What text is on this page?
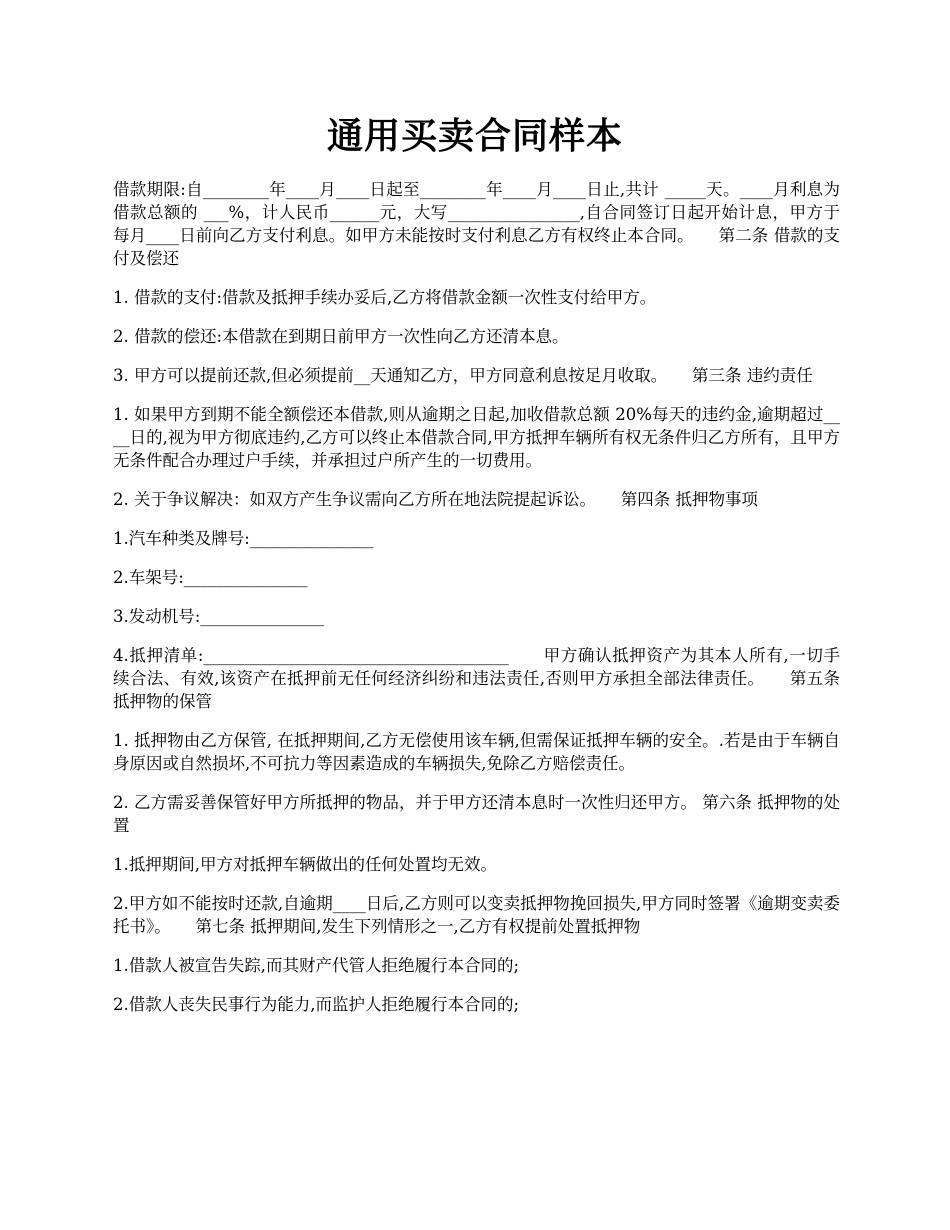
通用买卖合同样本

借款期限:自________年____月____日起至________年____月____日止,共计 _____天。____月利息为借款总额的 ___%，计人民币______元，大写________________,自合同签订日起开始计息，甲方于每月____日前向乙方支付利息。如甲方未能按时支付利息乙方有权终止本合同。　　第二条 借款的支付及偿还

1. 借款的支付:借款及抵押手续办妥后,乙方将借款金额一次性支付给甲方。

2. 借款的偿还:本借款在到期日前甲方一次性向乙方还清本息。

3. 甲方可以提前还款,但必须提前__天通知乙方，甲方同意利息按足月收取。　　第三条 违约责任

1. 如果甲方到期不能全额偿还本借款,则从逾期之日起,加收借款总额 20%每天的违约金,逾期超过____日的,视为甲方彻底违约,乙方可以终止本借款合同,甲方抵押车辆所有权无条件归乙方所有，且甲方无条件配合办理过户手续，并承担过户所产生的一切费用。

2. 关于争议解决：如双方产生争议需向乙方所在地法院提起诉讼。　　第四条 抵押物事项

1.汽车种类及牌号:_______________

2.车架号:_______________

3.发动机号:_______________

4.抵押清单:_____________________________________　　甲方确认抵押资产为其本人所有,一切手续合法、有效,该资产在抵押前无任何经济纠纷和违法责任,否则甲方承担全部法律责任。　　第五条 抵押物的保管

1. 抵押物由乙方保管, 在抵押期间,乙方无偿使用该车辆,但需保证抵押车辆的安全。.若是由于车辆自身原因或自然损坏,不可抗力等因素造成的车辆损失,免除乙方赔偿责任。

2. 乙方需妥善保管好甲方所抵押的物品，并于甲方还清本息时一次性归还甲方。 第六条 抵押物的处置

1.抵押期间,甲方对抵押车辆做出的任何处置均无效。

2.甲方如不能按时还款,自逾期____日后,乙方则可以变卖抵押物挽回损失,甲方同时签署《逾期变卖委托书》。　　第七条 抵押期间,发生下列情形之一,乙方有权提前处置抵押物

1.借款人被宣告失踪,而其财产代管人拒绝履行本合同的;

2.借款人丧失民事行为能力,而监护人拒绝履行本合同的;
